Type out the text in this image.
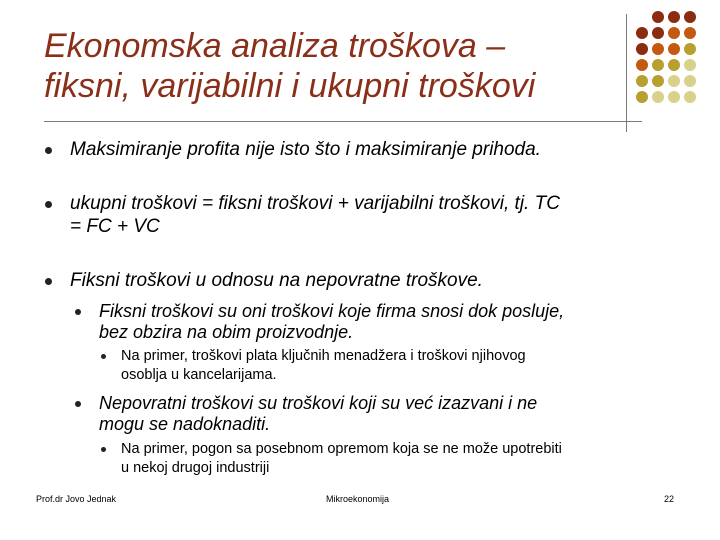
Ekonomska analiza troškova –
fiksni, varijabilni i ukupni troškovi
Maksimiranje profita nije isto što i maksimiranje prihoda.
ukupni troškovi = fiksni troškovi + varijabilni troškovi, tj. TC
= FC + VC
Fiksni troškovi u odnosu na nepovratne troškove.
Fiksni troškovi su oni troškovi koje firma snosi dok posluje,
bez obzira na obim proizvodnje.
Na primer, troškovi plata ključnih menadžera i troškovi njihovog
osoblja u kancelarijama.
Nepovratni troškovi su troškovi koji su već izazvani i ne
mogu se nadoknaditi.
Na primer, pogon sa posebnom opremom koja se ne može upotrebiti
u nekoj drugoj industriji
Prof.dr Jovo Jednak	Mikroekonomija	22
